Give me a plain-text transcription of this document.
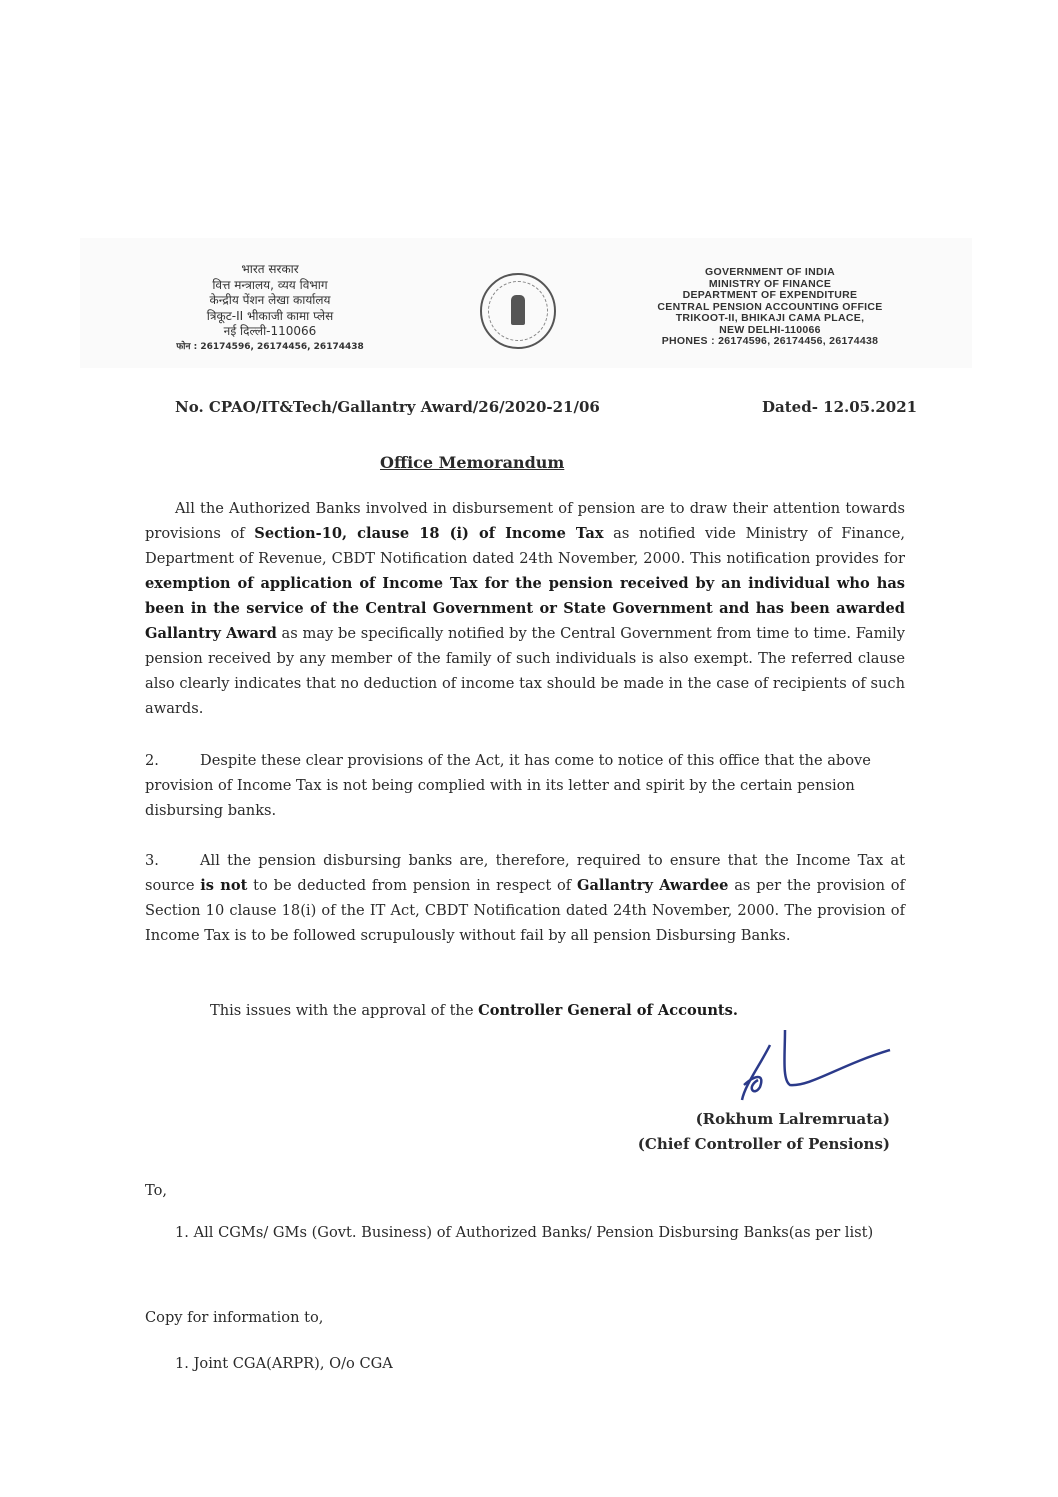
भारत सरकार
वित्त मन्त्रालय, व्यय विभाग
केन्द्रीय पेंशन लेखा कार्यालय
त्रिकूट-II भीकाजी कामा प्लेस
नई दिल्ली-110066
फोन : 26174596, 26174456, 26174438
GOVERNMENT OF INDIA
MINISTRY OF FINANCE
DEPARTMENT OF EXPENDITURE
CENTRAL PENSION ACCOUNTING OFFICE
TRIKOOT-II, BHIKAJI CAMA PLACE,
NEW DELHI-110066
PHONES : 26174596, 26174456, 26174438
No. CPAO/IT&Tech/Gallantry Award/26/2020-21/06	Dated- 12.05.2021
Office Memorandum
All the Authorized Banks involved in disbursement of pension are to draw their attention towards provisions of Section-10, clause 18 (i) of Income Tax as notified vide Ministry of Finance, Department of Revenue, CBDT Notification dated 24th November, 2000. This notification provides for exemption of application of Income Tax for the pension received by an individual who has been in the service of the Central Government or State Government and has been awarded Gallantry Award as may be specifically notified by the Central Government from time to time. Family pension received by any member of the family of such individuals is also exempt. The referred clause also clearly indicates that no deduction of income tax should be made in the case of recipients of such awards.
2.	Despite these clear provisions of the Act, it has come to notice of this office that the above provision of Income Tax is not being complied with in its letter and spirit by the certain pension disbursing banks.
3.	All the pension disbursing banks are, therefore, required to ensure that the Income Tax at source is not to be deducted from pension in respect of Gallantry Awardee as per the provision of Section 10 clause 18(i) of the IT Act, CBDT Notification dated 24th November, 2000. The provision of Income Tax is to be followed scrupulously without fail by all pension Disbursing Banks.
This issues with the approval of the Controller General of Accounts.
(Rokhum Lalremruata)
(Chief Controller of Pensions)
To,
1. All CGMs/ GMs (Govt. Business) of Authorized Banks/ Pension Disbursing Banks(as per list)
Copy for information to,
1. Joint CGA(ARPR), O/o CGA
